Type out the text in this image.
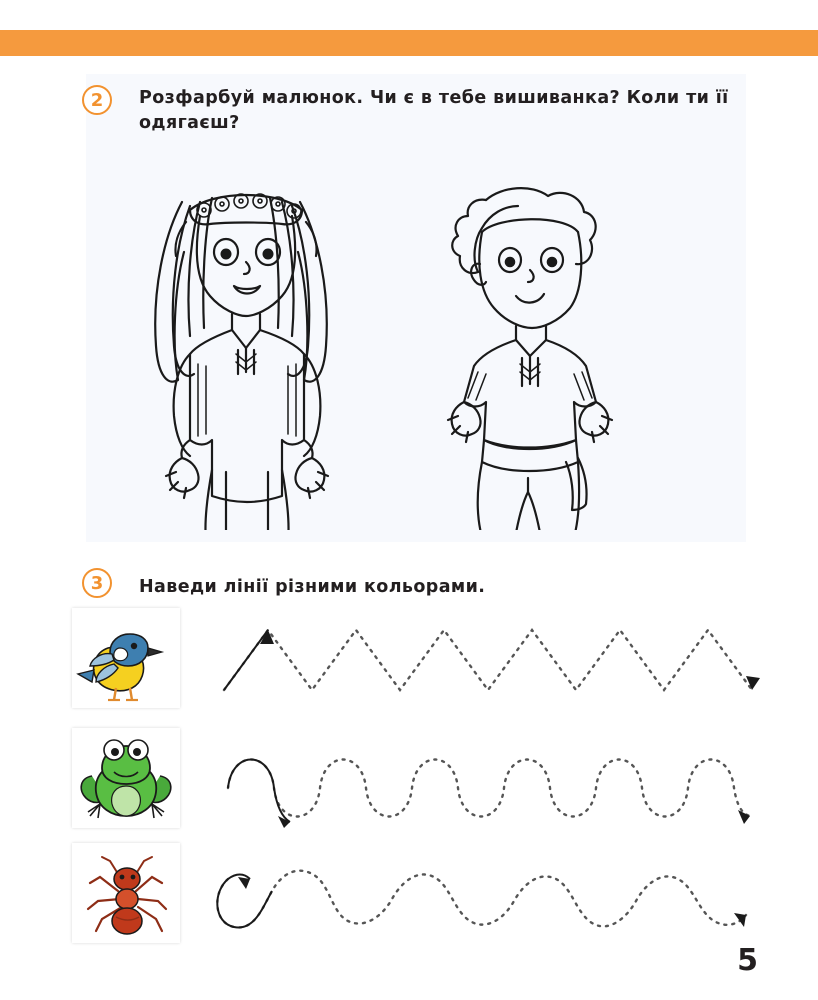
2	Розфарбуй малюнок. Чи є в тебе вишиванка? Коли ти її одягаєш?
3	Наведи лінії різними кольорами.
5
